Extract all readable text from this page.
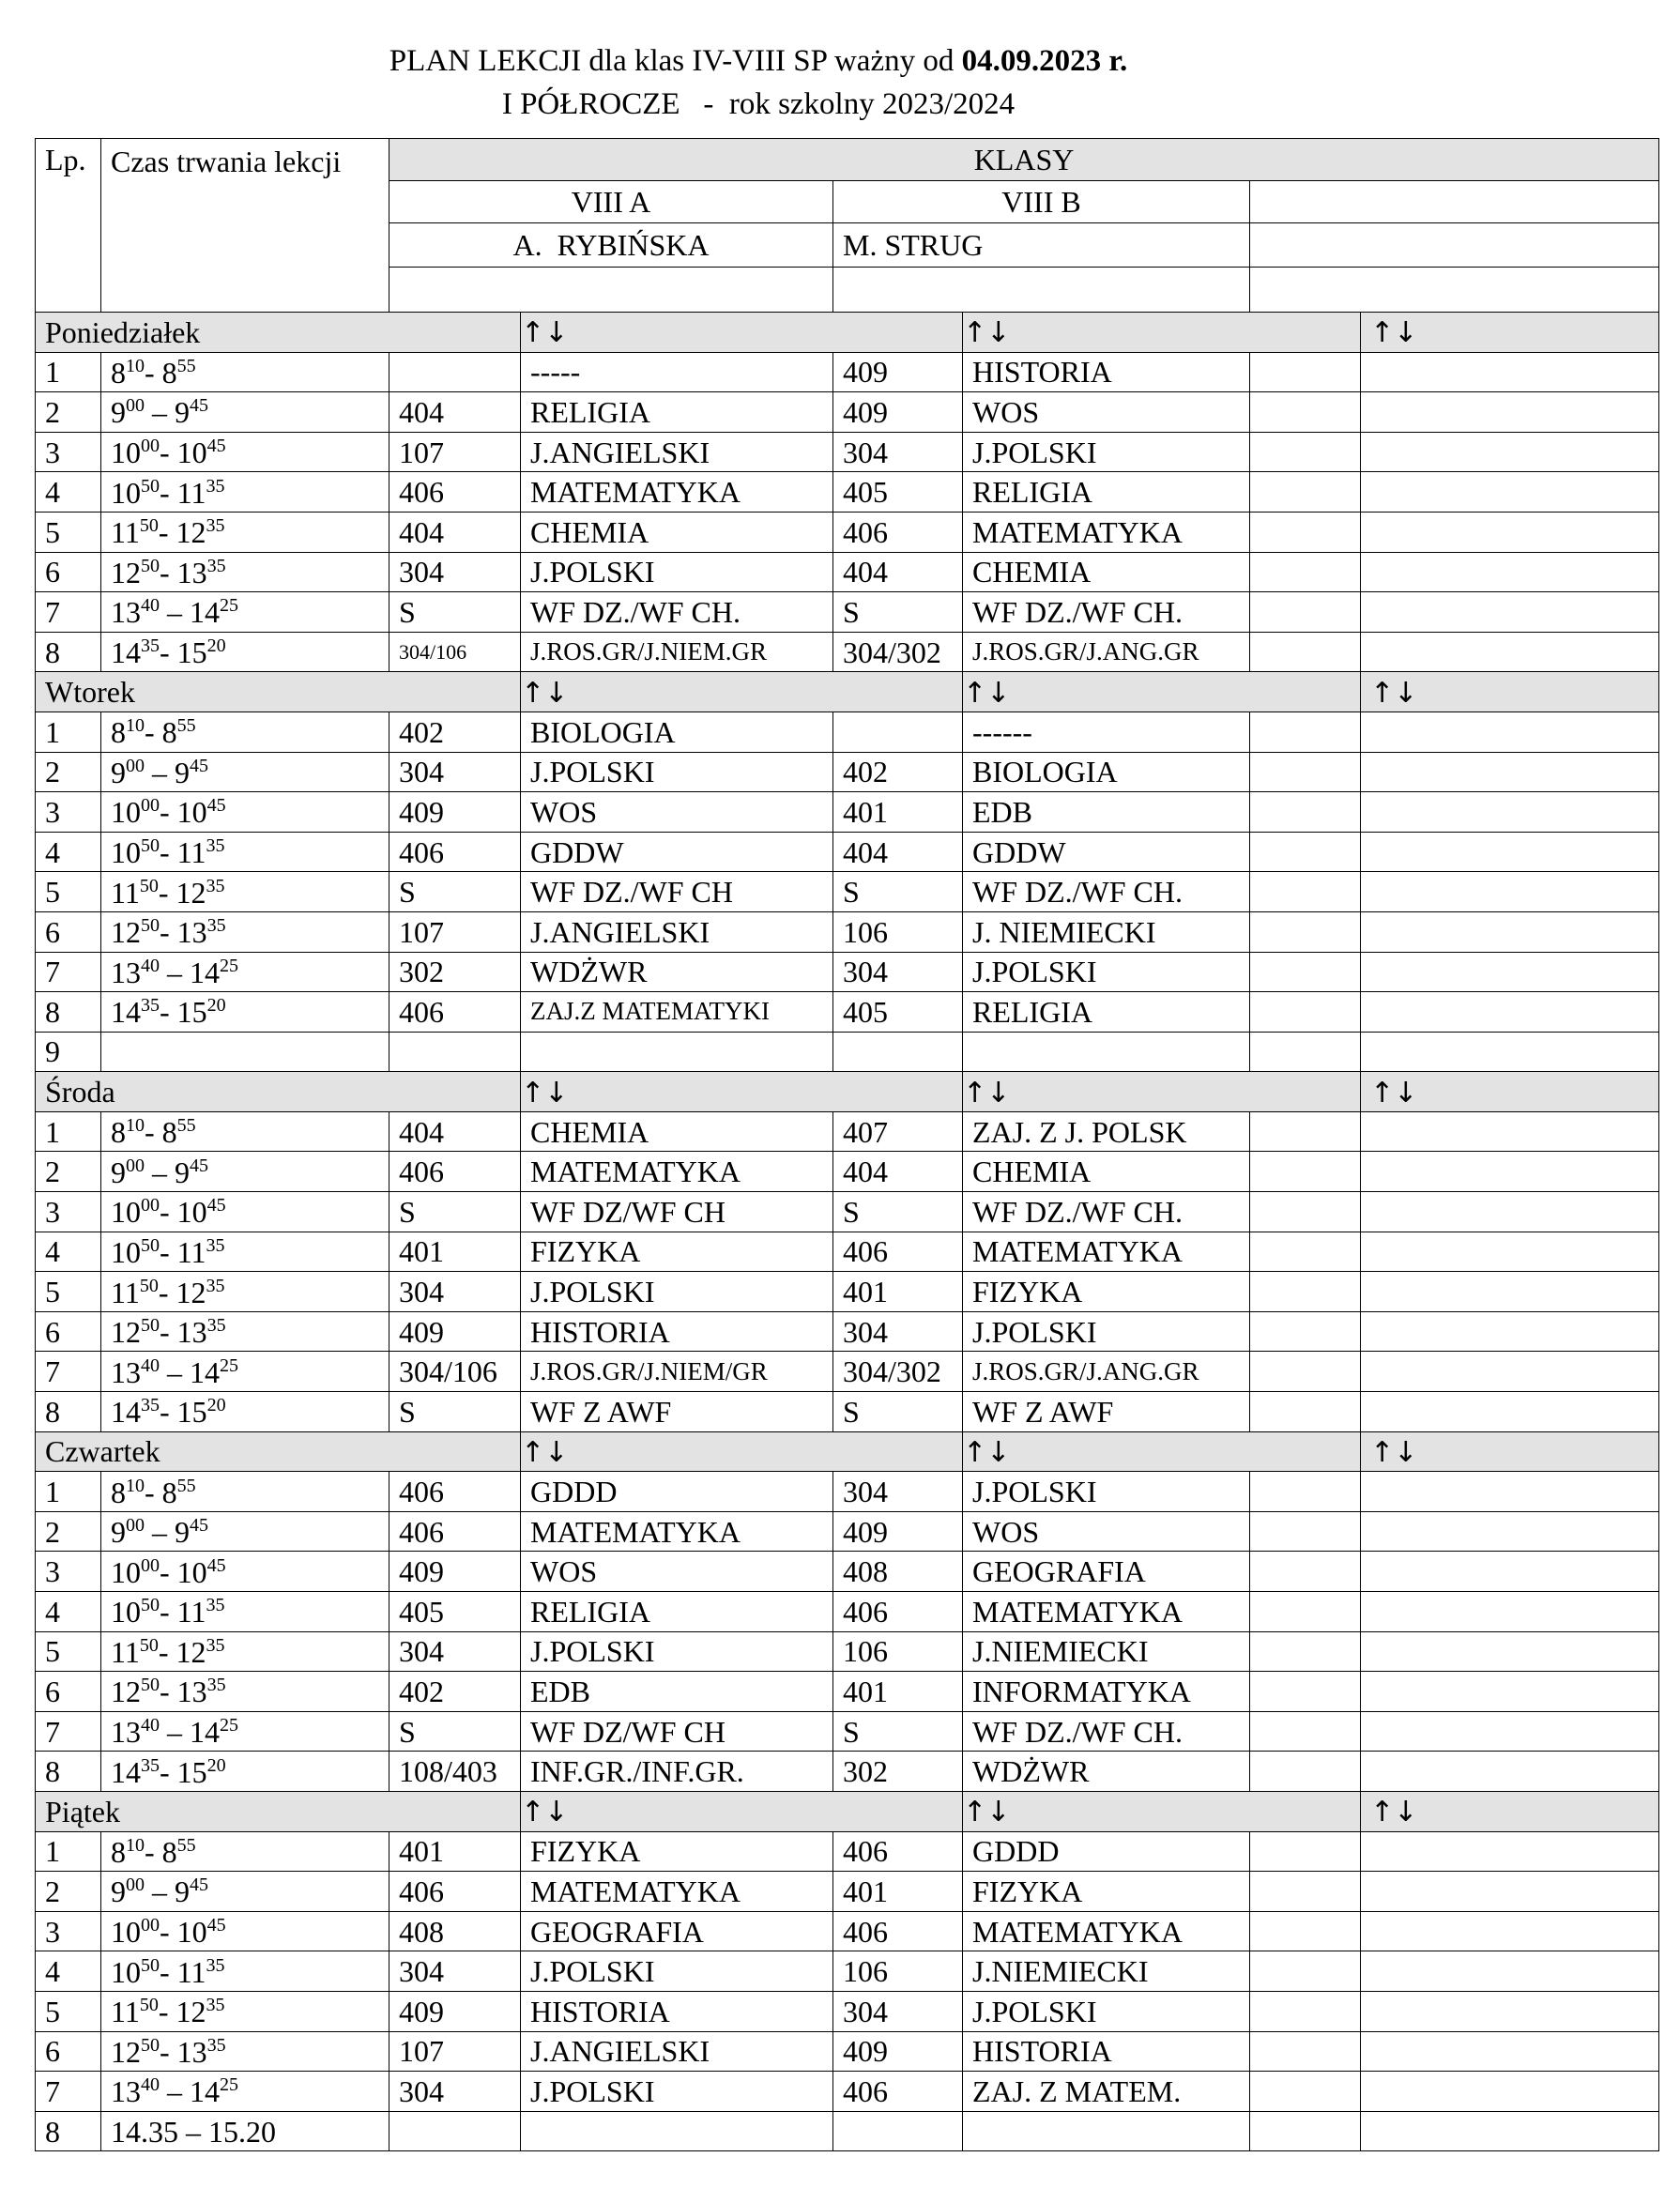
PLAN LEKCJI dla klas IV-VIII SP ważny od 04.09.2023 r.
I PÓŁROCZE   -  rok szkolny 2023/2024
Lp.	Czas trwania lekcji	KLASY					
		VIII A		VIII B			
		A.  RYBIŃSKA		M. STRUG			

Poniedziałek			↑↓		↑↓		↑↓
1	$8^{10}-$ $8^{55}$		-----	409	HISTORIA		
2	$9^{00} - 9^{45}$	404	RELIGIA	409	WOS		
3	$10^{00}-$ $10^{45}$	107	J.ANGIELSKI	304	J.POLSKI		
4	$10^{50}-$ $11^{35}$	406	MATEMATYKA	405	RELIGIA		
5	$11^{50}-$ $12^{35}$	404	CHEMIA	406	MATEMATYKA		
6	$12^{50}-$ $13^{35}$	304	J.POLSKI	404	CHEMIA		
7	$13^{40} - 14^{25}$	S	WF DZ./WF CH.	S	WF DZ./WF CH.		
8	$14^{35}-$ $15^{20}$	304/106	J.ROS.GR/J.NIEM.GR	304/302	J.ROS.GR/J.ANG.GR		
Wtorek			↑↓		↑↓		↑↓
1	$8^{10}-$ $8^{55}$	402	BIOLOGIA		------		
2	$9^{00} - 9^{45}$	304	J.POLSKI	402	BIOLOGIA		
3	$10^{00}-$ $10^{45}$	409	WOS	401	EDB		
4	$10^{50}-$ $11^{35}$	406	GDDW	404	GDDW		
5	$11^{50}-$ $12^{35}$	S	WF DZ./WF CH	S	WF DZ./WF CH.		
6	$12^{50}-$ $13^{35}$	107	J.ANGIELSKI	106	J. NIEMIECKI		
7	$13^{40} - 14^{25}$	302	WDŻWR	304	J.POLSKI		
8	$14^{35}-$ $15^{20}$	406	ZAJ.Z MATEMATYKI	405	RELIGIA		
9							
Środa			↑↓		↑↓		↑↓
1	$8^{10}-$ $8^{55}$	404	CHEMIA	407	ZAJ. Z J. POLSK		
2	$9^{00} - 9^{45}$	406	MATEMATYKA	404	CHEMIA		
3	$10^{00}-$ $10^{45}$	S	WF DZ/WF CH	S	WF DZ./WF CH.		
4	$10^{50}-$ $11^{35}$	401	FIZYKA	406	MATEMATYKA		
5	$11^{50}-$ $12^{35}$	304	J.POLSKI	401	FIZYKA		
6	$12^{50}-$ $13^{35}$	409	HISTORIA	304	J.POLSKI		
7	$13^{40} - 14^{25}$	304/106	J.ROS.GR/J.NIEM/GR	304/302	J.ROS.GR/J.ANG.GR		
8	$14^{35}-$ $15^{20}$	S	WF Z AWF	S	WF Z AWF		
Czwartek			↑↓		↑↓		↑↓
1	$8^{10}-$ $8^{55}$	406	GDDD	304	J.POLSKI		
2	$9^{00} - 9^{45}$	406	MATEMATYKA	409	WOS		
3	$10^{00}-$ $10^{45}$	409	WOS	408	GEOGRAFIA		
4	$10^{50}-$ $11^{35}$	405	RELIGIA	406	MATEMATYKA		
5	$11^{50}-$ $12^{35}$	304	J.POLSKI	106	J.NIEMIECKI		
6	$12^{50}-$ $13^{35}$	402	EDB	401	INFORMATYKA		
7	$13^{40} - 14^{25}$	S	WF DZ/WF CH	S	WF DZ./WF CH.		
8	$14^{35}-$ $15^{20}$	108/403	INF.GR./INF.GR.	302	WDŻWR		
Piątek			↑↓		↑↓		↑↓
1	$8^{10}-$ $8^{55}$	401	FIZYKA	406	GDDD		
2	$9^{00} - 9^{45}$	406	MATEMATYKA	401	FIZYKA		
3	$10^{00}-$ $10^{45}$	408	GEOGRAFIA	406	MATEMATYKA		
4	$10^{50}-$ $11^{35}$	304	J.POLSKI	106	J.NIEMIECKI		
5	$11^{50}-$ $12^{35}$	409	HISTORIA	304	J.POLSKI		
6	$12^{50}-$ $13^{35}$	107	J.ANGIELSKI	409	HISTORIA		
7	$13^{40} - 14^{25}$	304	J.POLSKI	406	ZAJ. Z MATEM.		
8	14.35 – 15.20						
